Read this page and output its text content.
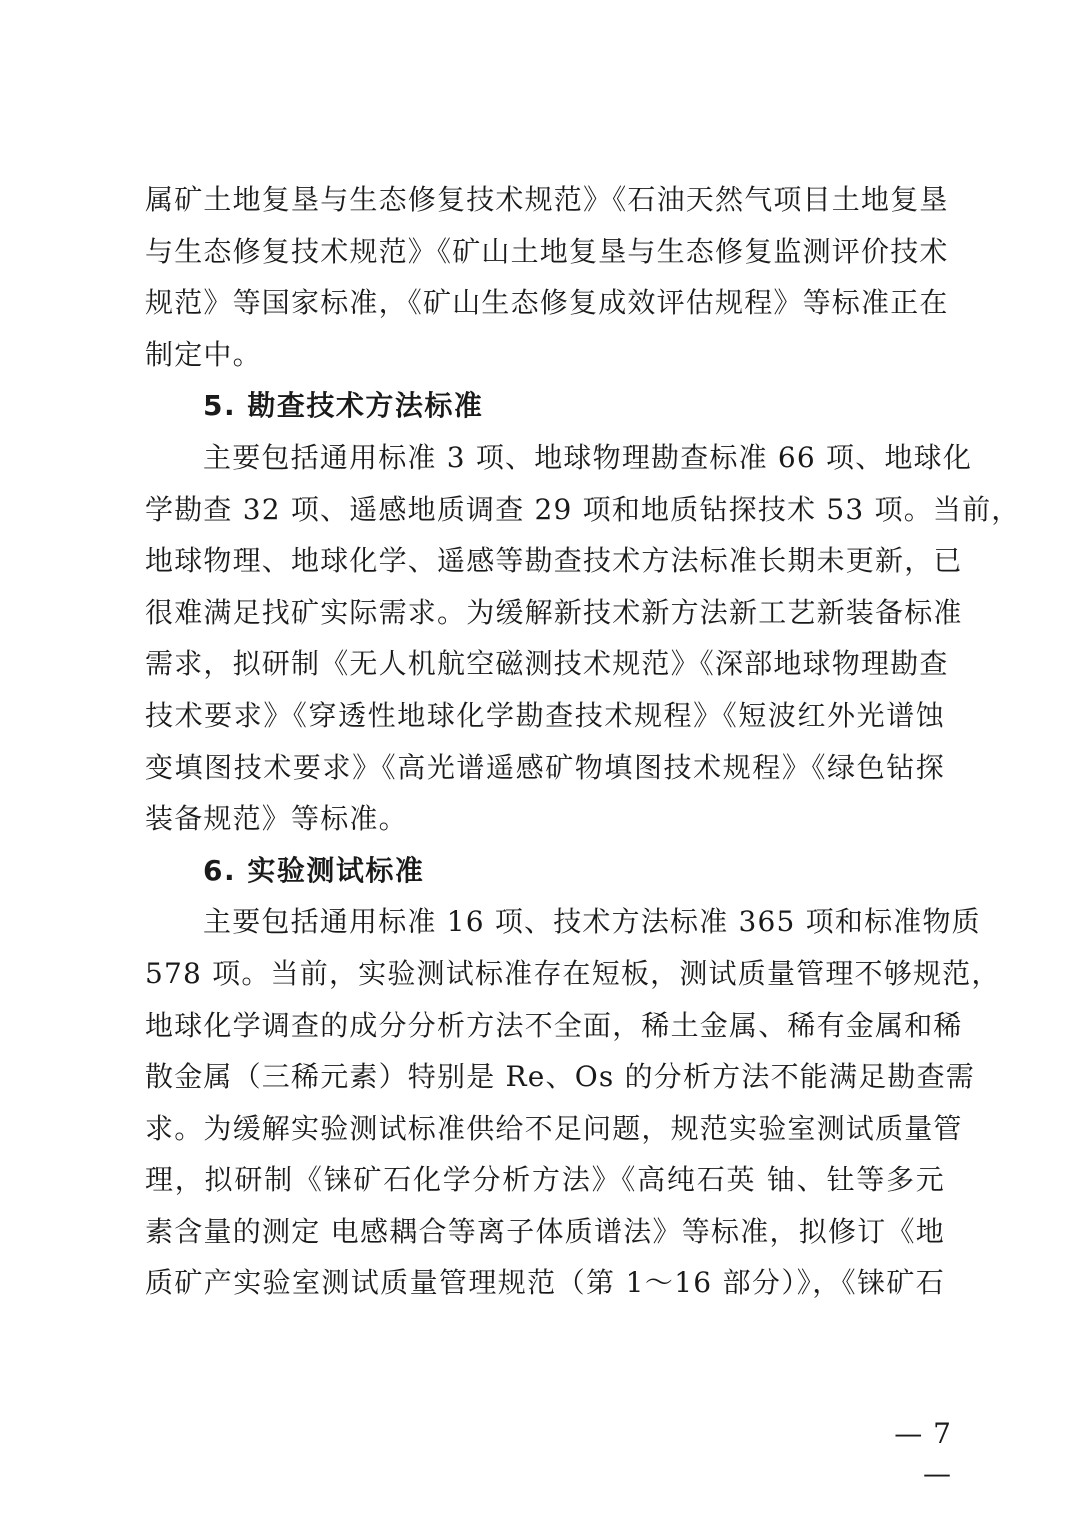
属矿土地复垦与生态修复技术规范》《石油天然气项目土地复垦
与生态修复技术规范》《矿山土地复垦与生态修复监测评价技术
规范》等国家标准，《矿山生态修复成效评估规程》等标准正在
制定中。
5. 勘查技术方法标准
主要包括通用标准 3 项、地球物理勘查标准 66 项、地球化
学勘查 32 项、遥感地质调查 29 项和地质钻探技术 53 项。当前，
地球物理、地球化学、遥感等勘查技术方法标准长期未更新，已
很难满足找矿实际需求。为缓解新技术新方法新工艺新装备标准
需求，拟研制《无人机航空磁测技术规范》《深部地球物理勘查
技术要求》《穿透性地球化学勘查技术规程》《短波红外光谱蚀
变填图技术要求》《高光谱遥感矿物填图技术规程》《绿色钻探
装备规范》等标准。
6. 实验测试标准
主要包括通用标准 16 项、技术方法标准 365 项和标准物质
578 项。当前，实验测试标准存在短板，测试质量管理不够规范，
地球化学调查的成分分析方法不全面，稀土金属、稀有金属和稀
散金属（三稀元素）特别是 Re、Os 的分析方法不能满足勘查需
求。为缓解实验测试标准供给不足问题，规范实验室测试质量管
理，拟研制《铼矿石化学分析方法》《高纯石英 铀、钍等多元
素含量的测定 电感耦合等离子体质谱法》等标准，拟修订《地
质矿产实验室测试质量管理规范（第 1～16 部分）》，《铼矿石
— 7 —
